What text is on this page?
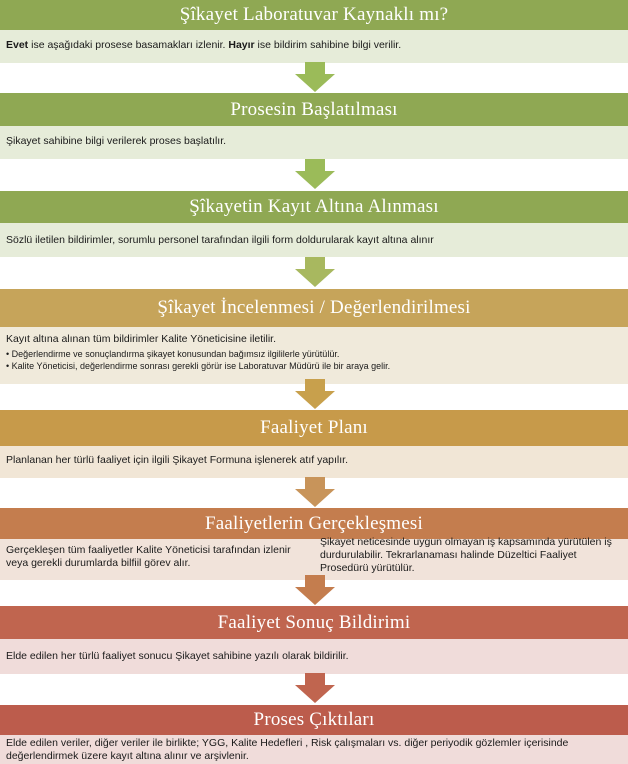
Şîkayet Laboratuvar Kaynaklı mı?
Evet ise aşağıdaki prosese basamakları izlenir. Hayır ise bildirim sahibine bilgi verilir.
Prosesin Başlatılması
Şikayet sahibine bilgi verilerek proses başlatılır.
Şîkayetin Kayıt Altına Alınması
Sözlü iletilen bildirimler, sorumlu personel tarafından ilgili form doldurularak kayıt altına alınır
Şîkayet İncelenmesi / Değerlendirilmesi
Kayıt altına alınan tüm bildirimler Kalite Yöneticisine iletilir.
• Değerlendirme ve sonuçlandırma şikayet konusundan bağımsız ilgililerle yürütülür.
• Kalite Yöneticisi, değerlendirme sonrası gerekli görür ise Laboratuvar Müdürü ile bir araya gelir.
Faaliyet Planı
Planlanan her türlü faaliyet için ilgili Şikayet Formuna işlenerek atıf yapılır.
Faaliyetlerin Gerçekleşmesi
Gerçekleşen tüm faaliyetler Kalite Yöneticisi tarafından izlenir veya gerekli durumlarda bilfiil görev alır.
Şikayet neticesinde uygun olmayan iş kapsamında yürütülen iş durdurulabilir. Tekrarlanaması halinde Düzeltici Faaliyet Prosedürü yürütülür.
Faaliyet Sonuç Bildirimi
Elde edilen her türlü faaliyet sonucu Şikayet sahibine yazılı olarak bildirilir.
Proses Çıktıları
Elde edilen veriler, diğer veriler ile birlikte; YGG, Kalite Hedefleri , Risk çalışmaları vs. diğer periyodik gözlemler içerisinde değerlendirmek üzere kayıt altına alınır ve arşivlenir.
